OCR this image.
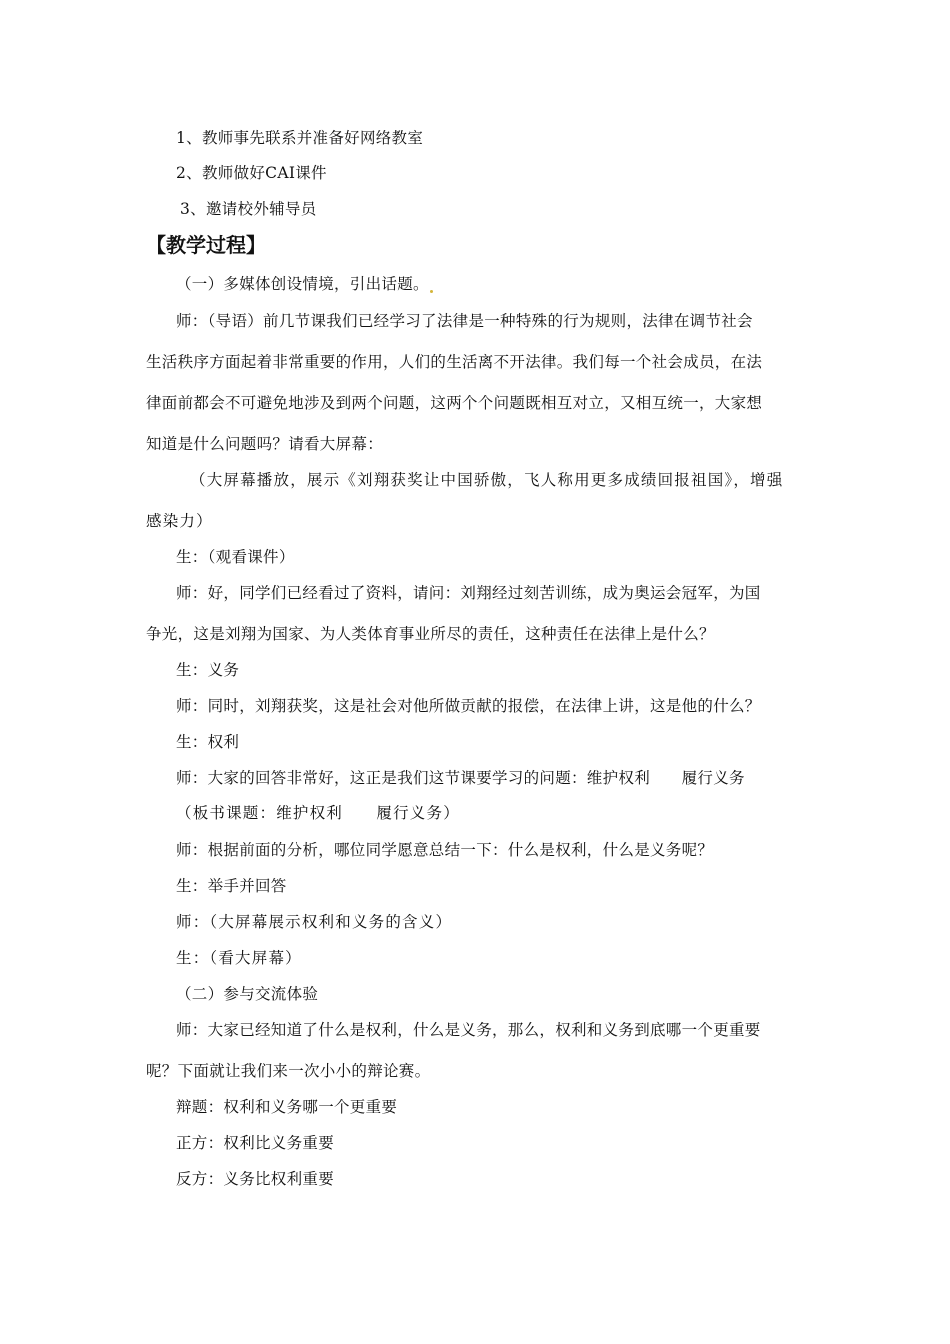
1、教师事先联系并准备好网络教室
2、教师做好CAI课件
3、邀请校外辅导员
【教学过程】
（一）多媒体创设情境，引出话题。
师：（导语）前几节课我们已经学习了法律是一种特殊的行为规则，法律在调节社会
生活秩序方面起着非常重要的作用，人们的生活离不开法律。我们每一个社会成员，在法
律面前都会不可避免地涉及到两个问题，这两个个问题既相互对立，又相互统一，大家想
知道是什么问题吗？请看大屏幕：
（大屏幕播放，展示《刘翔获奖让中国骄傲，飞人称用更多成绩回报祖国》，增强
感染力）
生：（观看课件）
师：好，同学们已经看过了资料，请问：刘翔经过刻苦训练，成为奥运会冠军，为国
争光，这是刘翔为国家、为人类体育事业所尽的责任，这种责任在法律上是什么？
生：义务
师：同时，刘翔获奖，这是社会对他所做贡献的报偿，在法律上讲，这是他的什么？
生：权利
师：大家的回答非常好，这正是我们这节课要学习的问题：维护权利　　履行义务
（板书课题：维护权利　　履行义务）
师：根据前面的分析，哪位同学愿意总结一下：什么是权利，什么是义务呢？
生：举手并回答
师：（大屏幕展示权利和义务的含义）
生：（看大屏幕）
（二）参与交流体验
师：大家已经知道了什么是权利，什么是义务，那么，权利和义务到底哪一个更重要
呢？下面就让我们来一次小小的辩论赛。
辩题：权利和义务哪一个更重要
正方：权利比义务重要
反方：义务比权利重要
